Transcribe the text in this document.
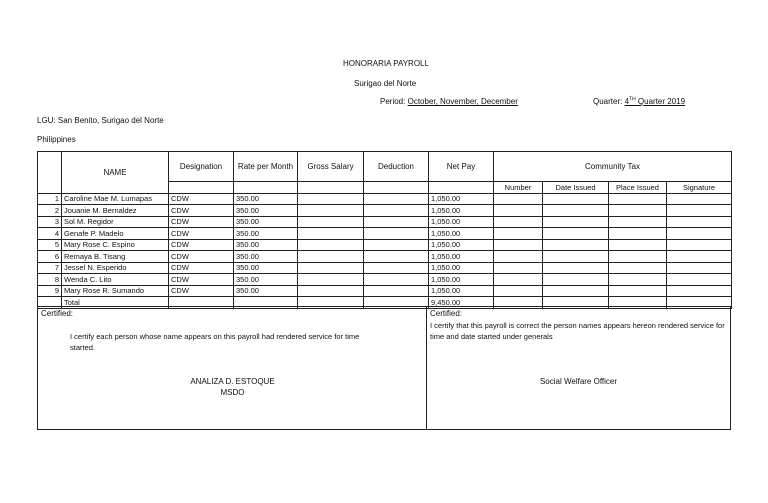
HONORARIA PAYROLL
Surigao del Norte
Period: October, November, December	Quarter: 4TH Quarter 2019
LGU: San Benito, Surigao del Norte
Philippines
	NAME	Designation	Rate per Month	Gross Salary	Deduction	Net Pay	Community Tax			
							Number	Date Issued	Place Issued	Signature
1	Caroline Mae M. Lumapas	CDW	350.00			1,050.00				
2	Jouanie M. Bernaldez	CDW	350.00			1,050.00				
3	Sol M. Regidor	CDW	350.00			1,050.00				
4	Genafe P. Madelo	CDW	350.00			1,050.00				
5	Mary Rose C. Espino	CDW	350.00			1,050.00				
6	Remaya B. Tisang	CDW	350.00			1,050.00				
7	Jessel N. Esperido	CDW	350.00			1,050.00				
8	Wenda C. Lito	CDW	350.00			1,050.00				
9	Mary Rose R. Sumando	CDW	350.00			1,050.00				
	Total					9,450.00				
Certified:
I certify each person whose name appears on this payroll had rendered service for time started.
ANALIZA D. ESTOQUE
MSDO
Certified:
I certify that this payroll is correct the person names appears hereon rendered service for time and date started under generals
Social Welfare Officer
